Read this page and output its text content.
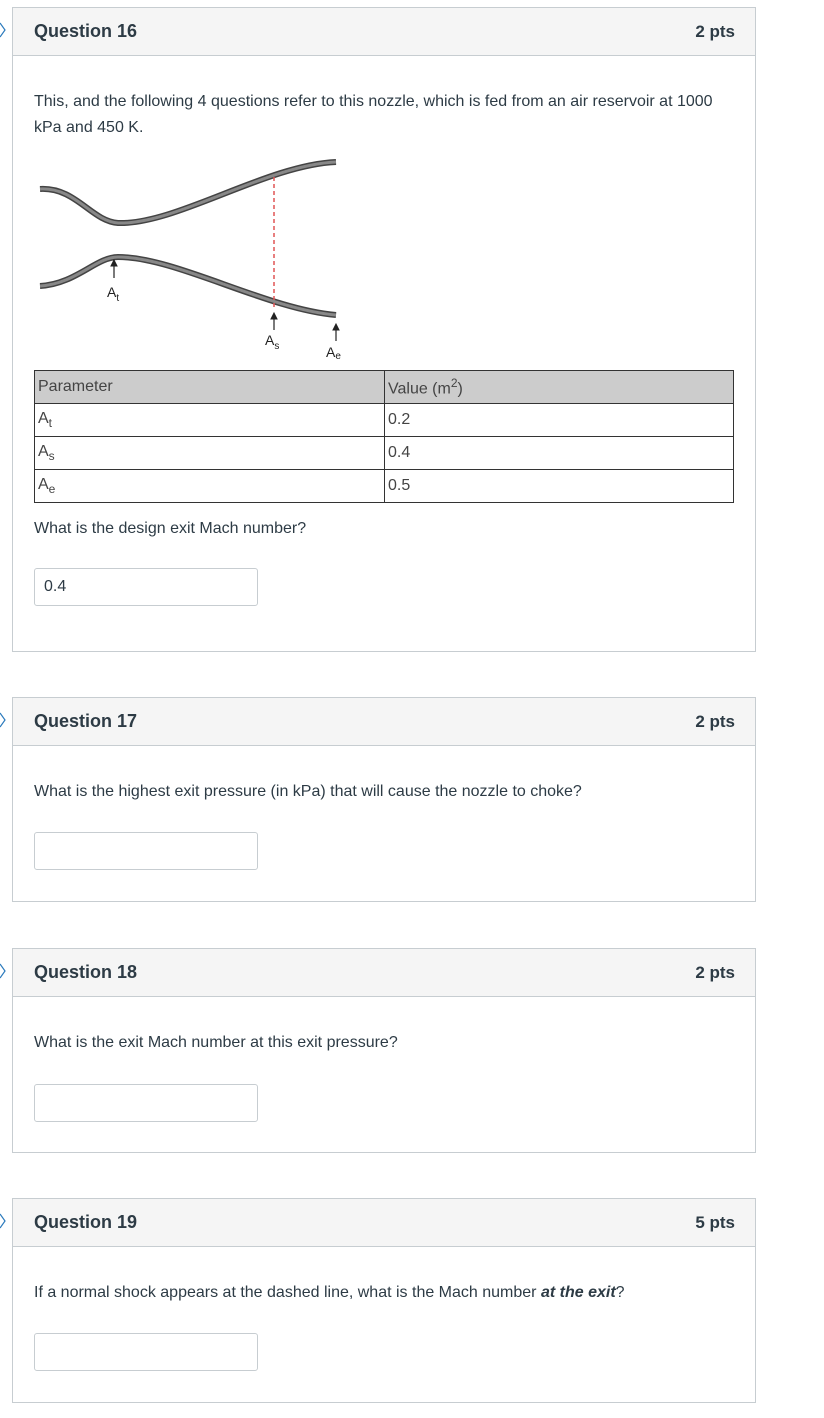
Question 16	2 pts

This, and the following 4 questions refer to this nozzle, which is fed from an air reservoir at 1000 kPa and 450 K.

$A_t$
$A_s$	Ae
Parameter	Value $(m^2)$
$A_t$	0.2
$A_s$	0.4
$A_e$	0.5

What is the design exit Mach number?

0.4
Question 17	2 pts

What is the highest exit pressure (in kPa) that will cause the nozzle to choke?

Question 18	2 pts

What is the exit Mach number at this exit pressure?

Question 19	5 pts

If a normal shock appears at the dashed line, what is the Mach number at the exit?
